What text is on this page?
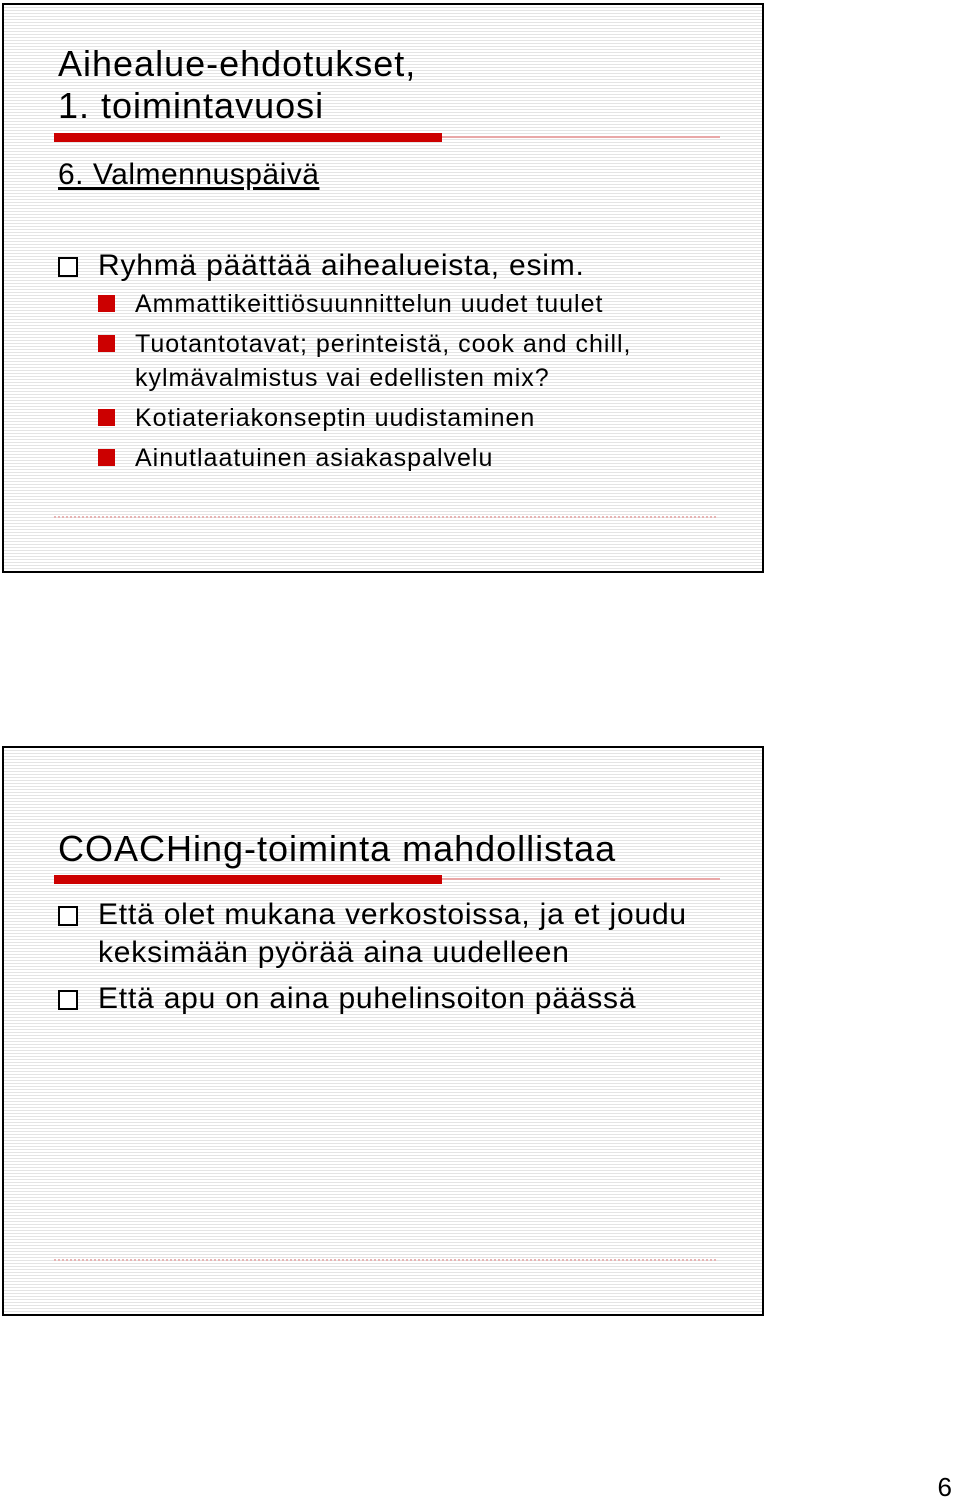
Aihealue-ehdotukset,
1. toimintavuosi
6. Valmennuspäivä
Ryhmä päättää aihealueista, esim.
Ammattikeittiösuunnittelun uudet tuulet
Tuotantotavat; perinteistä, cook and chill, kylmävalmistus vai edellisten mix?
Kotiateriakonseptin uudistaminen
Ainutlaatuinen asiakaspalvelu
COACHing-toiminta mahdollistaa
Että olet mukana verkostoissa, ja et joudu keksimään pyörää aina uudelleen
Että apu on aina puhelinsoiton päässä
6
